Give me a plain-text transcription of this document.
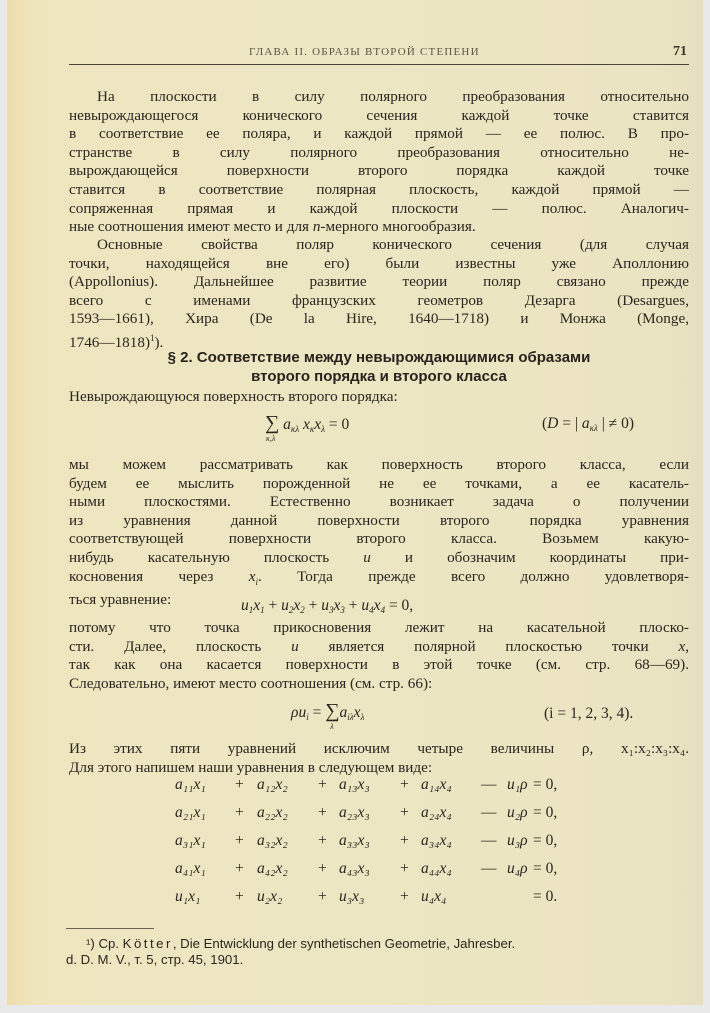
ГЛАВА II. ОБРАЗЫ ВТОРОЙ СТЕПЕНИ	71
На плоскости в силу полярного преобразования относительно
невырождающегося конического сечения каждой точке ставится
в соответствие ее поляра, и каждой прямой — ее полюс. В про-
странстве в силу полярного преобразования относительно не-
вырождающейся поверхности второго порядка каждой точке
ставится в соответствие полярная плоскость, каждой прямой —
сопряженная прямая и каждой плоскости — полюс. Аналогич-
ные соотношения имеют место и для n-мерного многообразия.
Основные свойства поляр конического сечения (для случая
точки, находящейся вне его) были известны уже Аполлонию
(Appollonius). Дальнейшее развитие теории поляр связано прежде
всего с именами французских геометров Дезарга (Desargues,
1593—1661), Хира (De la Hire, 1640—1718) и Монжа (Monge,
1746—1818)$^1$).
§ 2. Соответствие между невырождающимися образами
второго порядка и второго класса
Невырождающуюся поверхность второго порядка:
∑
κ,λ
$a_{\kappa\lambda}$ $x_\kappa x_\lambda = 0$	(D = | $a_{\kappa\lambda}$ | ≠ 0)
мы можем рассматривать как поверхность второго класса, если
будем ее мыслить порожденной не ее точками, а ее касатель-
ными плоскостями. Естественно возникает задача о получении
из уравнения данной поверхности второго порядка уравнения
соответствующей поверхности второго класса. Возьмем какую-
нибудь касательную плоскость u и обозначим координаты при-
косновения через $x_i$. Тогда прежде всего должно удовлетворя-
ться уравнение:	$u_1x_1 + u_2x_2 + u_3x_3 + u_4x_4 = 0$,
потому что точка прикосновения лежит на касательной плоско-
сти. Далее, плоскость u является полярной плоскостью точки x,
так как она касается поверхности в этой точке (см. стр. 68—69).
Следовательно, имеют место соотношения (см. стр. 66):
$\rho u_i$ = ∑
λ
$a_{i\lambda}x_\lambda$	(i = 1, 2, 3, 4).
Из этих пяти уравнений исключим четыре величины ρ, x₁:x₂:x₃:x₄.
Для этого напишем наши уравнения в следующем виде:
a₁₁x₁ + a₁₂x₂ + a₁₃x₃ + a₁₄x₄ — u₁ρ = 0,
a₂₁x₁ + a₂₂x₂ + a₂₃x₃ + a₂₄x₄ — u₂ρ = 0,
a₃₁x₁ + a₃₂x₂ + a₃₃x₃ + a₃₄x₄ — u₃ρ = 0,
a₄₁x₁ + a₄₂x₂ + a₄₃x₃ + a₄₄x₄ — u₄ρ = 0,
u₁x₁ + u₂x₂ + u₃x₃ + u₄x₄	= 0.
¹) Ср. Kötter, Die Entwicklung der synthetischen Geometrie, Jahresber.
d. D. M. V., т. 5, стр. 45, 1901.
